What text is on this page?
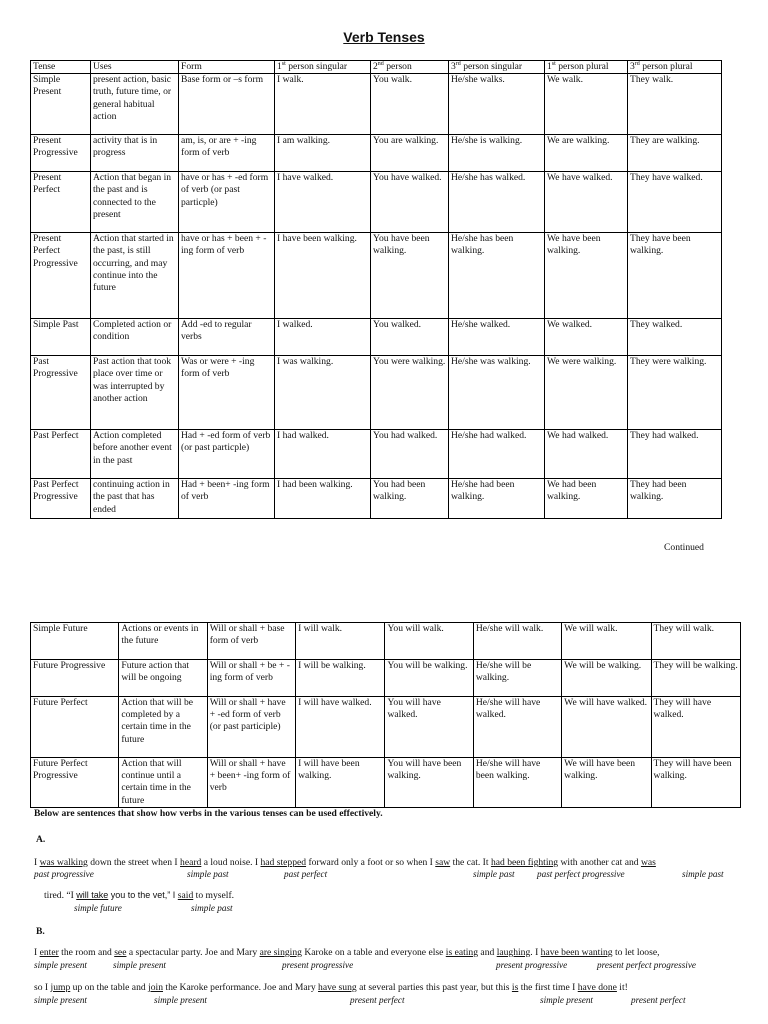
Verb Tenses
Tense	Uses	Form	1st person singular	2nd person	3rd person singular	1st person plural	3rd person plural
Simple Present	present action, basic truth, future time, or general habitual action	Base form or –s form	I walk.	You walk.	He/she walks.	We walk.	They walk.
Present Progressive	activity that is in progress	am, is, or are + -ing form of verb	I am walking.	You are walking.	He/she is walking.	We are walking.	They are walking.
Present Perfect	Action that began in the past and is connected to the present	have or has + -ed form of verb (or past particple)	I have walked.	You have walked.	He/she has walked.	We have walked.	They have walked.
Present Perfect Progressive	Action that started in the past, is still occurring, and may continue into the future	have or has + been + -ing form of verb	I have been walking.	You have been walking.	He/she has been walking.	We have been walking.	They have been walking.
Simple Past	Completed action or condition	Add -ed to regular verbs	I walked.	You walked.	He/she walked.	We walked.	They walked.
Past Progressive	Past action that took place over time or was interrupted by another action	Was or were + -ing form of verb	I was walking.	You were walking.	He/she was walking.	We were walking.	They were walking.
Past Perfect	Action completed before another event in the past	Had + -ed form of verb (or past particple)	I had walked.	You had walked.	He/she had walked.	We had walked.	They had walked.
Past Perfect Progressive	continuing action in the past that has ended	Had + been+ -ing form of verb	I had been walking.	You had been walking.	He/she had been walking.	We had been walking.	They had been walking.
Continued
Simple Future	Actions or events in the future	Will or shall + base form of verb	I will walk.	You will walk.	He/she will walk.	We will walk.	They will walk.
Future Progressive	Future action that will be ongoing	Will or shall + be + -ing form of verb	I will be walking.	You will be walking.	He/she will be walking.	We will be walking.	They will be walking.
Future Perfect	Action that will be completed by a certain time in the future	Will or shall + have + -ed form of verb (or past participle)	I will have walked.	You will have walked.	He/she will have walked.	We will have walked.	They will have walked.
Future Perfect Progressive	Action that will continue until a certain time in the future	Will or shall + have + been+ -ing form of verb	I will have been walking.	You will have been walking.	He/she will have been walking.	We will have been walking.	They will have been walking.
Below are sentences that show how verbs in the various tenses can be used effectively.
A.
I was walking down the street when I heard a loud noise. I had stepped forward only a foot or so when I saw the cat. It had been fighting with another cat and was
past progressive	simple past	past perfect	simple past past perfect progressive	simple past
tired. “I will take you to the vet,” I said to myself.
simple future	simple past
B.
I enter the room and see a spectacular party. Joe and Mary are singing Karoke on a table and everyone else is eating and laughing. I have been wanting to let loose,
simple present	simple present	present progressive	present progressive	present perfect progressive
so I jump up on the table and join the Karoke performance. Joe and Mary have sung at several parties this past year, but this is the first time I have done it!
simple present	simple present	present perfect	simple present	present perfect
